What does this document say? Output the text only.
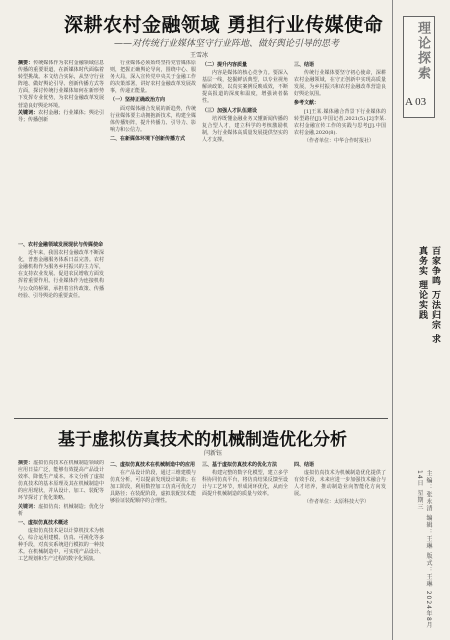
深耕农村金融领域 勇担行业传媒使命
——对传统行业媒体坚守行业阵地、做好舆论引导的思考
王雪冰
摘要：传统媒体作为农村金融领域信息传播的重要渠道，在新媒体时代面临着转型挑战。本文结合实际，从坚守行业阵地、做好舆论引导、创新传播方式等方面，探讨传统行业媒体如何在新形势下发挥专业优势，为农村金融改革发展营造良好舆论环境。
关键词：农村金融；行业媒体；舆论引导；传播创新

一、农村金融领域发展现状与传媒使命

近年来，我国农村金融改革不断深化，普惠金融服务体系日益完善。农村金融机构作为服务乡村振兴的主力军，在支持农业发展、促进农民增收方面发挥着重要作用。行业媒体作为连接机构与公众的桥梁，承担着宣传政策、传播经验、引导舆论的重要责任。

行业媒体必须始终坚持党管媒体原则，把握正确舆论导向，围绕中心、服务大局，深入宣传党中央关于金融工作的决策部署，讲好农村金融改革发展故事，传递正能量。

（一）坚持正确政治方向

面对媒体融合发展的新趋势，传统行业媒体要主动拥抱新技术，构建全媒体传播矩阵，提升传播力、引导力、影响力和公信力。

二、在新媒体环境下创新传播方式

（二）提升内容质量

内容是媒体的核心竞争力。要深入基层一线，挖掘鲜活典型，以专业视角解读政策，以真实案例反映成效，不断提高报道的深度和温度，增强读者黏性。

（三）加强人才队伍建设

培养既懂金融业务又懂新闻传播的复合型人才，建立科学的考核激励机制，为行业媒体高质量发展提供坚实的人才支撑。

三、结语

传统行业媒体要坚守初心使命，深耕农村金融领域，在守正创新中实现高质量发展，为乡村振兴和农村金融改革营造良好舆论氛围。

参考文献：

[1]王某.媒体融合背景下行业媒体的转型路径[J].中国记者,2021(5).[2]李某.农村金融宣传工作的实践与思考[J].中国农村金融,2020(8).

（作者单位：中华合作时报社）

基于虚拟仿真技术的机械制造优化分析
闫新钰

摘要：虚拟仿真技术在机械制造领域的应用日益广泛，能够有效提高产品设计效率、降低生产成本。本文分析了虚拟仿真技术的基本原理及其在机械制造中的应用现状，并从设计、加工、装配等环节探讨了优化策略。

关键词：虚拟仿真；机械制造；优化分析

一、虚拟仿真技术概述

虚拟仿真技术是以计算机技术为核心，综合运用建模、仿真、可视化等多种手段，对真实系统进行模拟的一种技术。在机械制造中，可实现产品设计、工艺规划和生产过程的数字化预演。

二、虚拟仿真技术在机械制造中的应用

在产品设计阶段，通过三维建模与仿真分析，可以提前发现设计缺陷；在加工阶段，利用数控加工仿真可优化刀具路径；在装配阶段，虚拟装配技术能够验证装配顺序的合理性。

三、基于虚拟仿真技术的优化方法

构建完整的数字化模型，建立多学科协同仿真平台，将仿真结果反馈至设计与工艺环节，形成闭环优化，从而全面提升机械制造的质量与效率。

四、结语

虚拟仿真技术为机械制造优化提供了有效手段，未来应进一步加强技术融合与人才培养，推动制造业向智能化方向发展。

（作者单位：太原科技大学）

理论探索
A 03
百家争鸣 万法归宗 求真务实 理论实践
主编：张永清 编辑：王琳 版式：王琳 2024年8月14日 星期三
